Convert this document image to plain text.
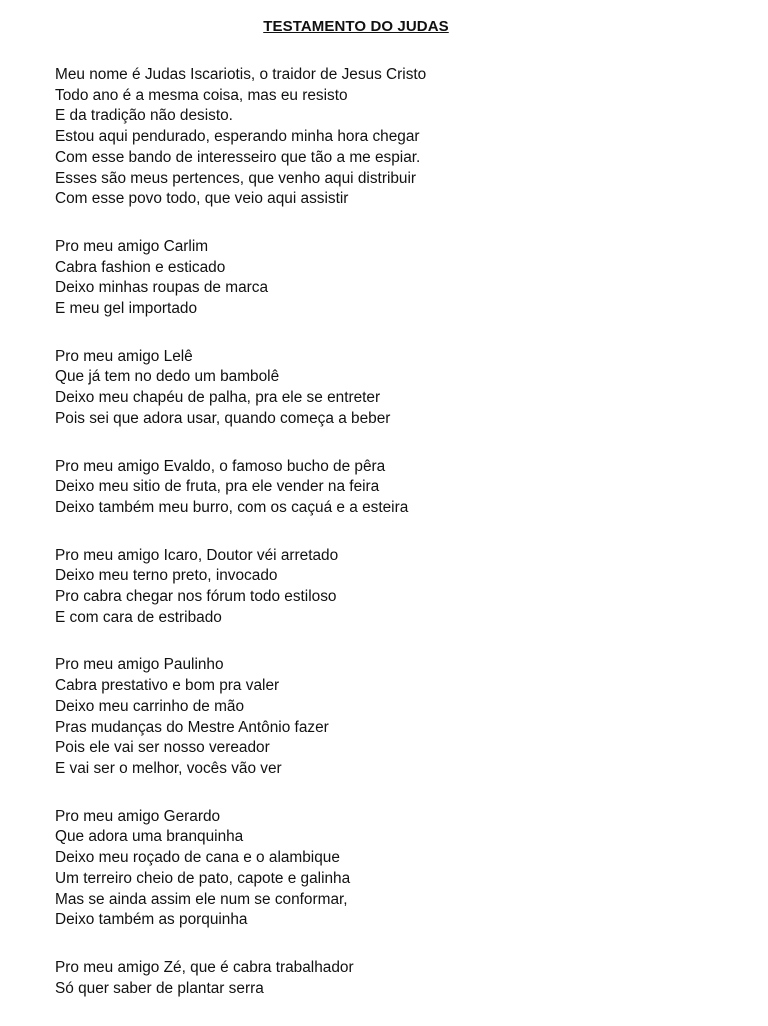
TESTAMENTO DO JUDAS
Meu nome é Judas Iscariotis, o traidor de Jesus Cristo
Todo ano é a mesma coisa, mas eu resisto
E da tradição não desisto.
Estou aqui pendurado, esperando minha hora chegar
Com esse bando de interesseiro que tão a me espiar.
Esses são meus pertences, que venho aqui distribuir
Com esse povo todo, que veio aqui assistir
Pro meu amigo Carlim
Cabra fashion e esticado
Deixo minhas roupas de marca
E meu gel importado
Pro meu amigo Lelê
Que já tem no dedo um bambolê
Deixo meu chapéu de palha, pra ele se entreter
Pois sei que adora usar, quando começa a beber
Pro meu amigo Evaldo, o famoso bucho de pêra
Deixo meu sitio de fruta, pra ele vender na feira
Deixo também meu burro, com os caçuá e a esteira
Pro meu amigo Icaro, Doutor véi arretado
Deixo meu terno preto, invocado
Pro cabra chegar nos fórum todo estiloso
E com cara de estribado
Pro meu amigo Paulinho
Cabra prestativo e bom pra valer
Deixo meu carrinho de mão
Pras mudanças do Mestre Antônio fazer
Pois ele vai ser nosso vereador
E vai ser o melhor, vocês vão ver
Pro meu amigo Gerardo
Que adora uma branquinha
Deixo meu roçado de cana e o alambique
Um terreiro cheio de pato, capote e galinha
Mas se ainda assim ele num se conformar,
Deixo também as porquinha
Pro meu amigo Zé, que é cabra trabalhador
Só quer saber de plantar serra
